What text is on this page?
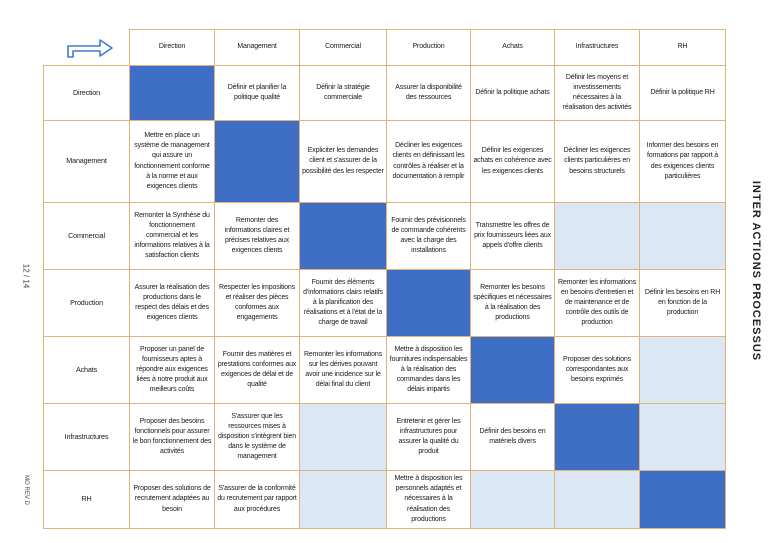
12 / 14
MO REV D
INTER ACTIONS PROCESSUS
	Direction	Management	Commercial	Production	Achats	Infrastructures	RH
Direction		Définir et planifier la politique qualité	Définir la stratégie commerciale	Assurer la disponibilité des ressources	Définir la politique achats	Définir les moyens et investissements nécessaires à la réalisation des activités	Définir la politique RH
Management	Mettre en place un système de management qui assure un fonctionnement conforme à la norme et aux exigences clients		Expliciter les demandes client et s'assurer de la possibilité des les respecter	Décliner les exigences clients en définissant les contrôles à réaliser et la documentation à remplir	Définir les exigences achats en cohérence avec les exigences clients	Décliner les exigences clients particulières en besoins structurels	Informer des besoins en formations par rapport à des exigences clients particulières
Commercial	Remonter la Synthèse du fonctionnement commercial et les informations relatives à la satisfaction clients	Remonter des informations claires et précises relatives aux exigences clients		Fournir des prévisionnels de commande cohérents avec la charge des installations	Transmettre les offres de prix fournisseurs liées aux appels d'offre clients		
Production	Assurer la réalisation des productions dans le respect des délais et des exigences clients	Respecter les impositions et réaliser des pièces conformes aux engagements	Fournir des éléments d'informations clairs relatifs à la planification des réalisations et à l'état de la charge de travail		Remonter les besoins spécifiques et nécessaires à la réalisation des productions	Remonter les informations en besoins d'entretien et de maintenance et de contrôle des outils de production	Définir les besoins en RH en fonction de la production
Achats	Proposer un panel de fournisseurs aptes à répondre aux exigences liées à notre produit aux meilleurs coûts	Fournir des matières et prestations conformes aux exigences de délai et de qualité	Remonter les informations sur les dérives pouvant avoir une incidence sur le délai final du client	Mettre à disposition les fournitures indispensables à la réalisation des commandes dans les délais impartis		Proposer des solutions correspondantes aux besoins exprimés	
Infrastructures	Proposer des besoins fonctionnels pour assurer le bon fonctionnement des activités	S'assurer que les ressources mises à disposition s'intègrent bien dans le système de management		Entretenir et gérer les infrastructures pour assurer la qualité du produit	Définir des besoins en matériels divers		
RH	Proposer des solutions de recrutement adaptées au besoin	S'assurer de la conformité du recrutement par rapport aux procédures		Mettre à disposition les personnels adaptés et nécessaires à la réalisation des productions			
